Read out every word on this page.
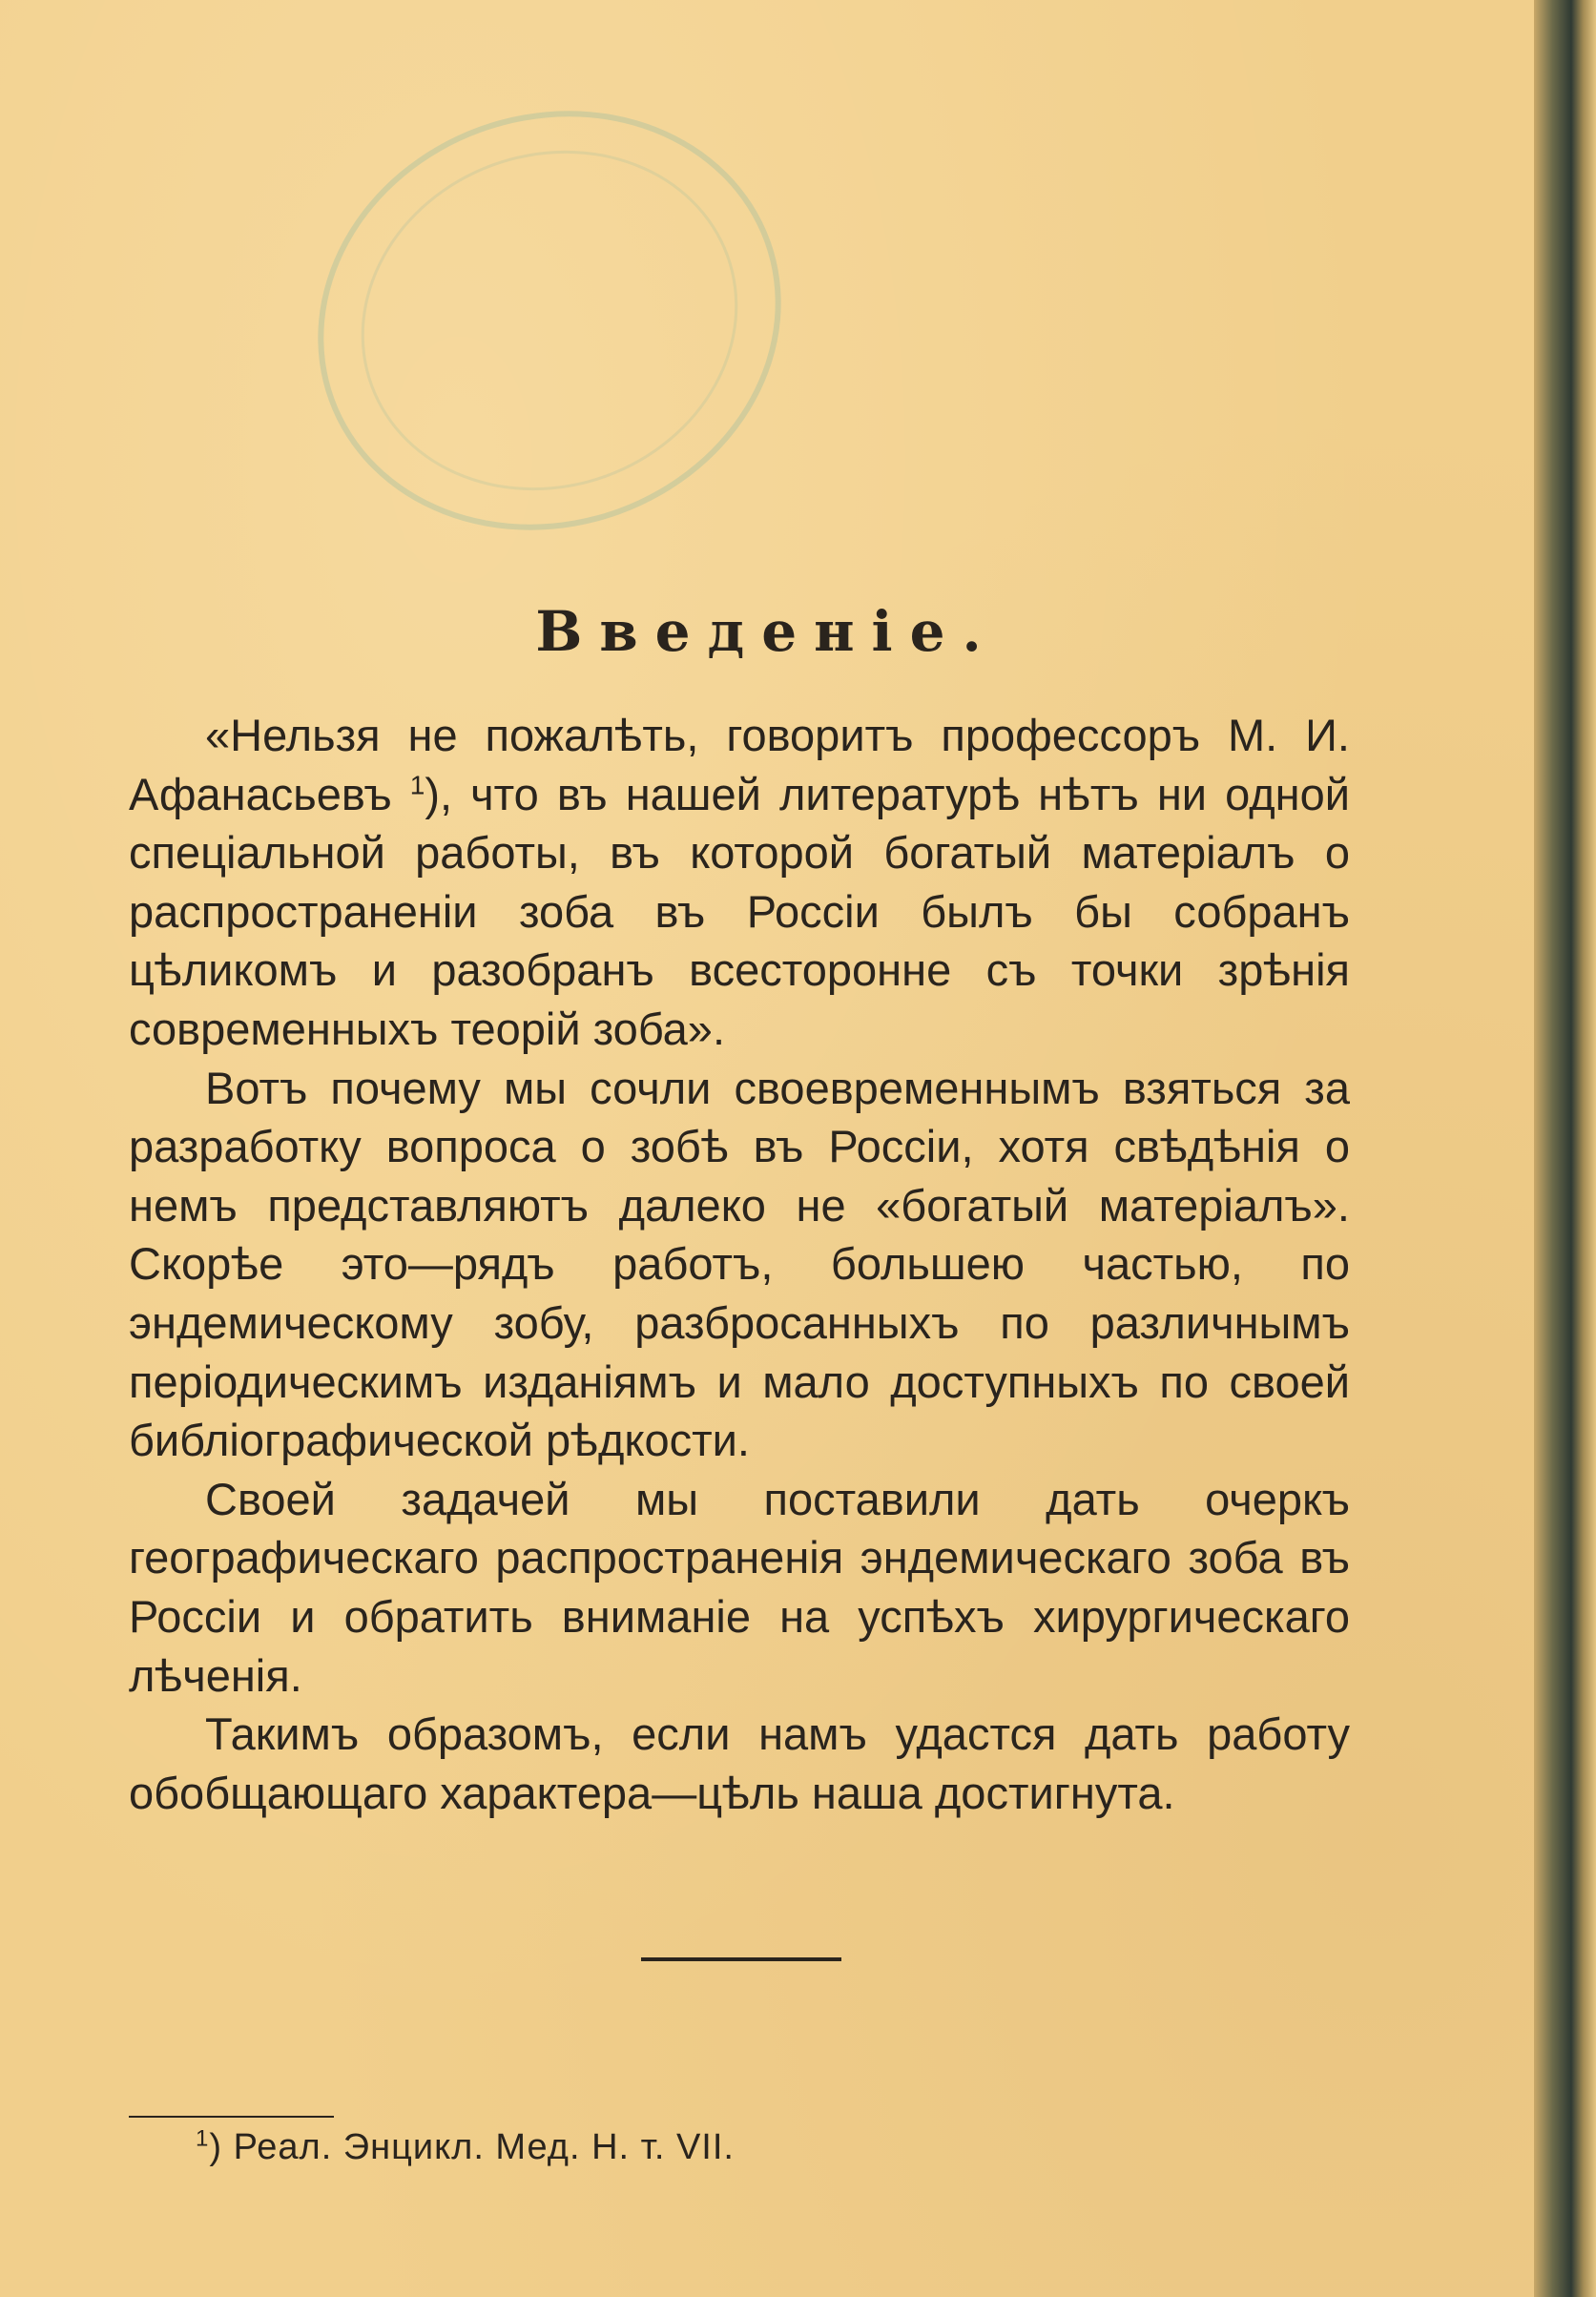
Введеніе.

«Нельзя не пожалѣть, говоритъ профессоръ М. И. Афанасьевъ $^1$), что въ нашей литературѣ нѣтъ ни одной спеціальной работы, въ которой богатый матеріалъ о распространеніи зоба въ Россіи былъ бы собранъ цѣликомъ и разобранъ всесторонне съ точки зрѣнія современныхъ теорій зоба».

Вотъ почему мы сочли своевременнымъ взяться за разработку вопроса о зобѣ въ Россіи, хотя свѣдѣнія о немъ представляютъ далеко не «богатый матеріалъ». Скорѣе это—рядъ работъ, большею частью, по эндемическому зобу, разбросанныхъ по различнымъ періодическимъ изданіямъ и мало доступныхъ по своей библіографической рѣдкости.

Своей задачей мы поставили дать очеркъ географическаго распространенія эндемическаго зоба въ Россіи и обратить вниманіе на успѣхъ хирургическаго лѣченія.

Такимъ образомъ, если намъ удастся дать работу обобщающаго характера—цѣль наша достигнута.

$^1$) Реал. Энцикл. Мед. Н. т. VII.
